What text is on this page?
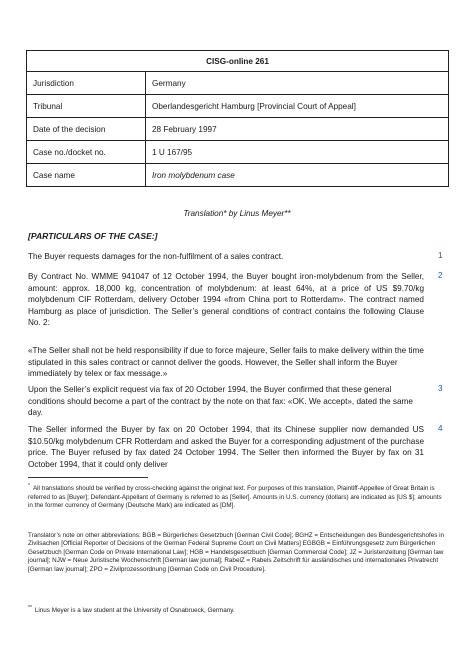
CISG-online 261	
Jurisdiction	Germany
Tribunal	Oberlandesgericht Hamburg [Provincial Court of Appeal]
Date of the decision	28 February 1997
Case no./docket no.	1 U 167/95
Case name	Iron molybdenum case
Translation* by Linus Meyer**
[PARTICULARS OF THE CASE:]
The Buyer requests damages for the non-fulfilment of a sales contract.	1
By Contract No. WMME 941047 of 12 October 1994, the Buyer bought iron-molybdenum from the Seller, amount: approx. 18,000 kg, concentration of molybdenum: at least 64%, at a price of US $9.70/kg molybdenum CIF Rotterdam, delivery October 1994 «from China port to Rotterdam». The contract named Hamburg as place of jurisdiction. The Seller’s general conditions of contract contains the following Clause No. 2:
2
«The Seller shall not be held responsibility if due to force majeure, Seller fails to make delivery within the time stipulated in this sales contract or cannot deliver the goods. However, the Seller shall inform the Buyer immediately by telex or fax message.»
Upon the Seller’s explicit request via fax of 20 October 1994, the Buyer confirmed that these general conditions should become a part of the contract by the note on that fax: «OK. We accept», dated the same day.
3
The Seller informed the Buyer by fax on 20 October 1994, that its Chinese supplier now demanded US $10.50/kg molybdenum CFR Rotterdam and asked the Buyer for a corresponding adjustment of the purchase price. The Buyer refused by fax dated 24 October 1994. The Seller then informed the Buyer by fax on 31 October 1994, that it could only deliver
4
* All translations should be verified by cross-checking against the original text. For purposes of this translation, Plaintiff-Appellee of Great Britain is referred to as [Buyer]; Defendant-Appellant of Germany is referred to as [Seller]. Amounts in U.S. currency (dollars) are indicated as [US $]; amounts in the former currency of Germany (Deutsche Mark) are indicated as [DM].
Translator’s note on other abbreviations: BGB = Bürgerliches Gesetzbuch [German Civil Code]; BGHZ = Entscheidungen des Bundesgerichtshofes in Zivilsachen [Official Reporter of Decisions of the German Federal Supreme Court on Civil Matters] EGBGB = Einführungsgesetz zum Bürgerlichen Gesetzbuch [German Code on Private International Law]; HGB = Handelsgesetzbuch [German Commercial Code]; JZ = Juristenzeitung [German law journal]; NJW = Neue Juristische Wochenschrift [German law journal]; RabelZ = Rabels Zeitschrift für ausländisches und internationales Privatrecht [German law journal]; ZPO = Zivilprozessordnung [German Code on Civil Procedure].
** Linus Meyer is a law student at the University of Osnabrueck, Germany.
